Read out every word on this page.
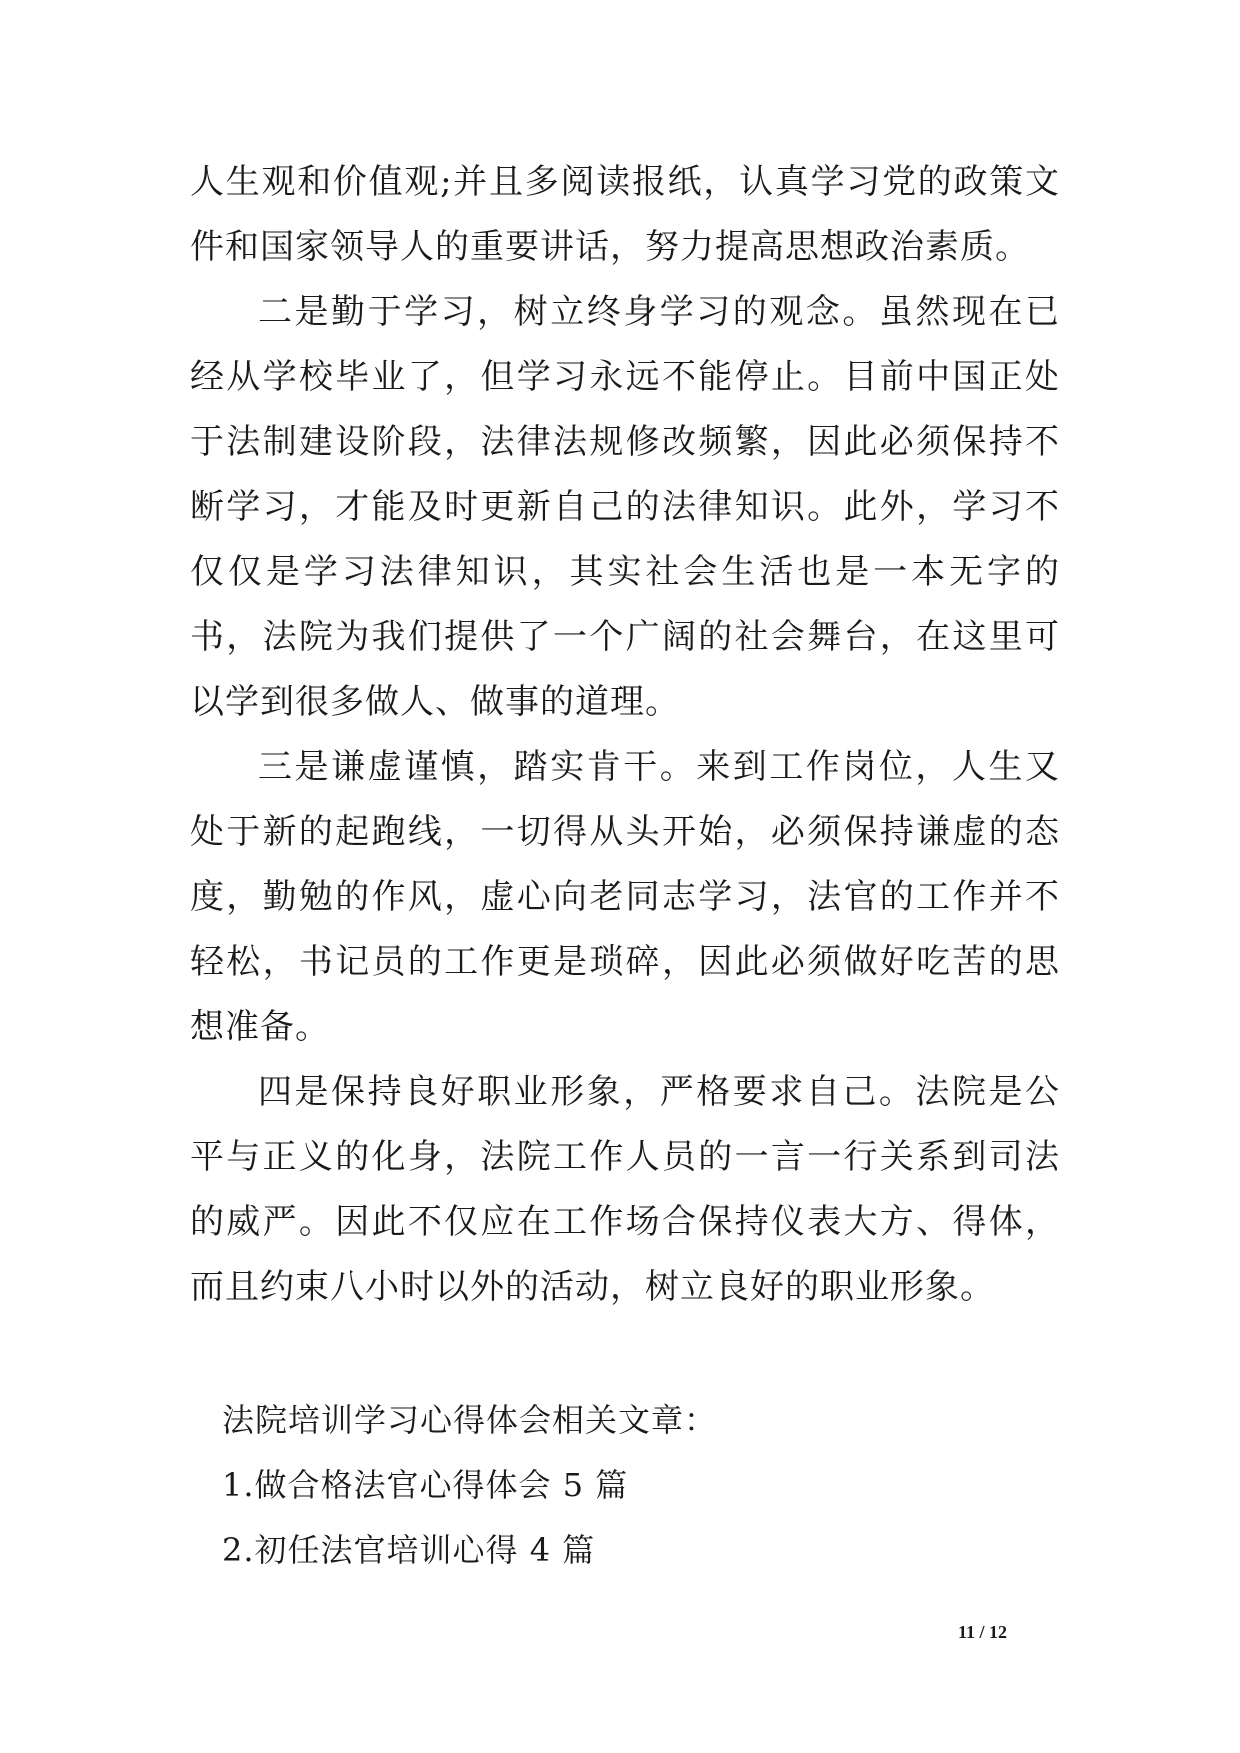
人生观和价值观;并且多阅读报纸，认真学习党的政策文件和国家领导人的重要讲话，努力提高思想政治素质。

二是勤于学习，树立终身学习的观念。虽然现在已经从学校毕业了，但学习永远不能停止。目前中国正处于法制建设阶段，法律法规修改频繁，因此必须保持不断学习，才能及时更新自己的法律知识。此外，学习不仅仅是学习法律知识，其实社会生活也是一本无字的书，法院为我们提供了一个广阔的社会舞台，在这里可以学到很多做人、做事的道理。

三是谦虚谨慎，踏实肯干。来到工作岗位，人生又处于新的起跑线，一切得从头开始，必须保持谦虚的态度，勤勉的作风，虚心向老同志学习，法官的工作并不轻松，书记员的工作更是琐碎，因此必须做好吃苦的思想准备。

四是保持良好职业形象，严格要求自己。法院是公平与正义的化身，法院工作人员的一言一行关系到司法的威严。因此不仅应在工作场合保持仪表大方、得体，而且约束八小时以外的活动，树立良好的职业形象。

法院培训学习心得体会相关文章：
1.做合格法官心得体会 5 篇
2.初任法官培训心得 4 篇
11 / 12
